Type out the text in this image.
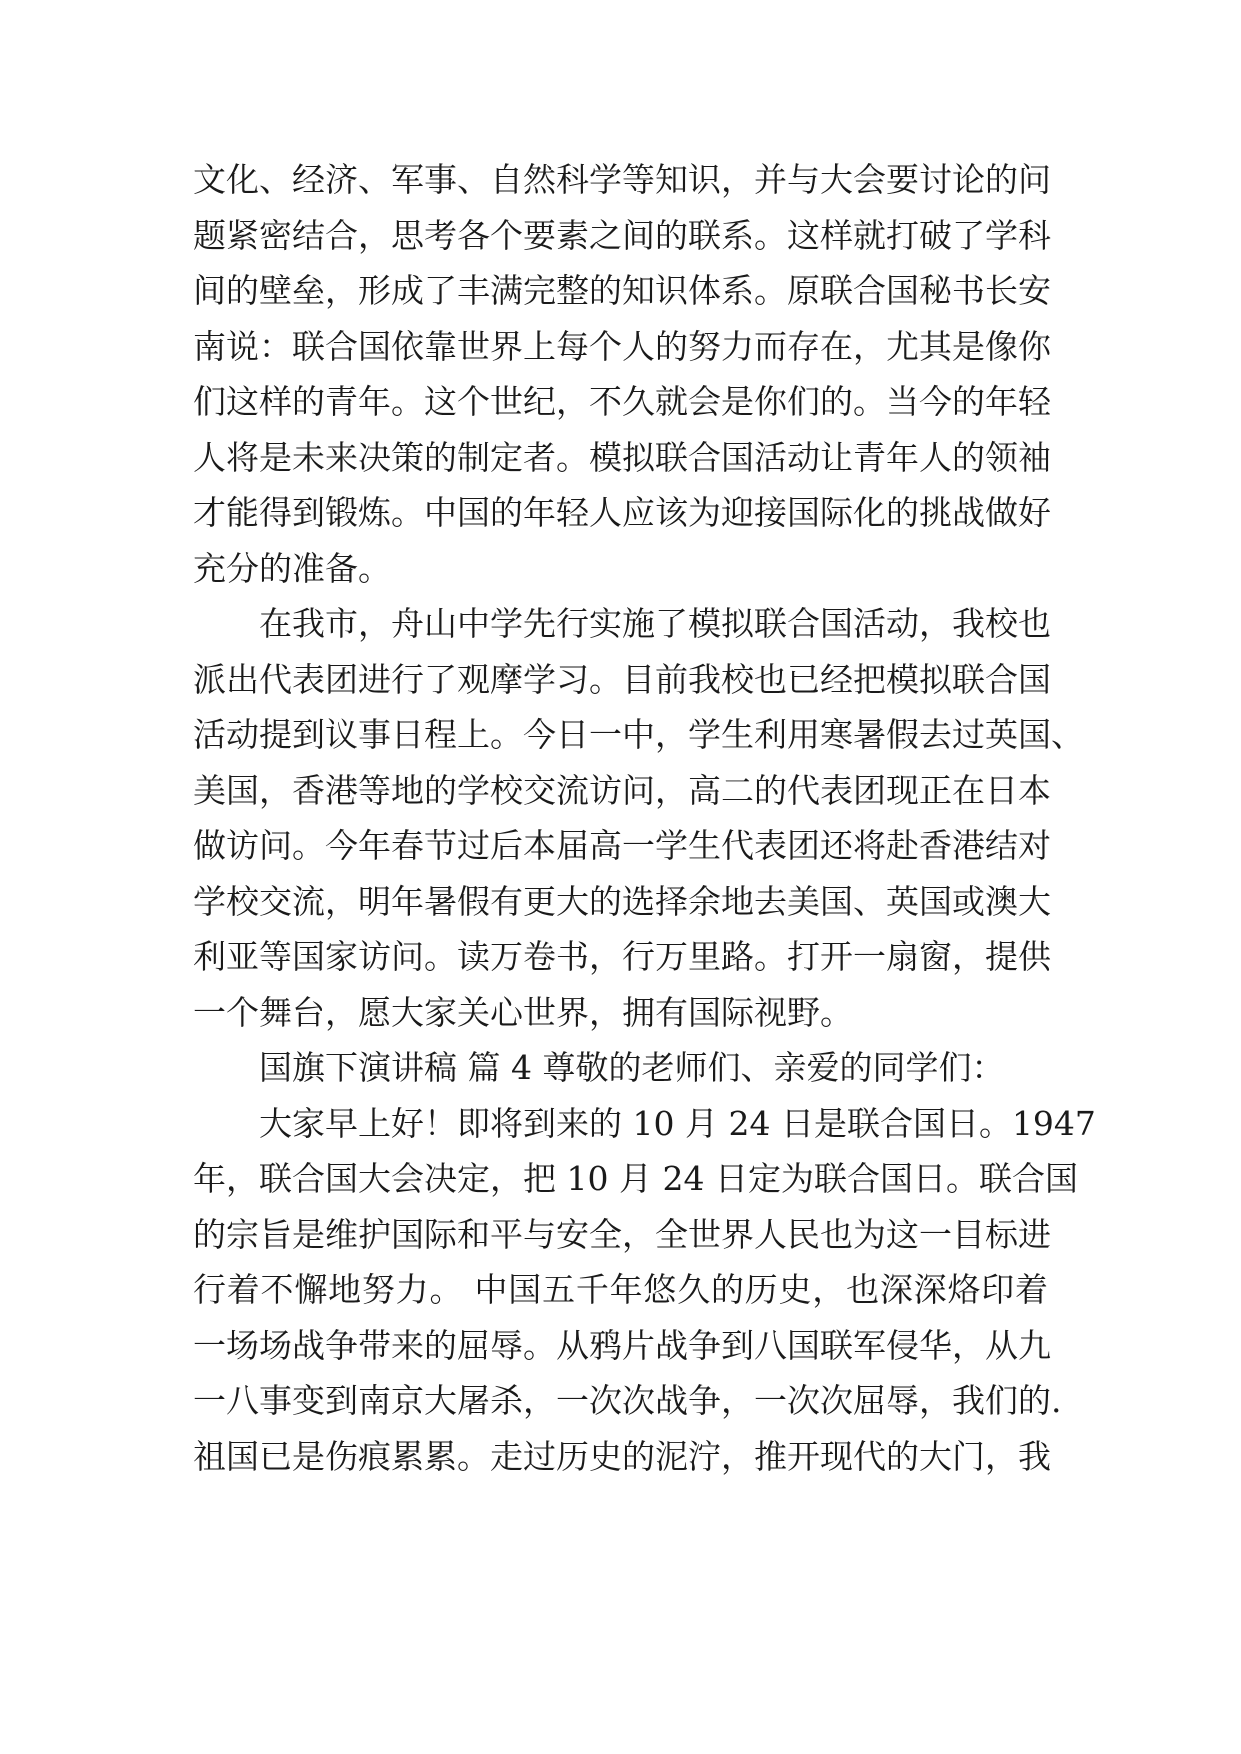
文化、经济、军事、自然科学等知识，并与大会要讨论的问
题紧密结合，思考各个要素之间的联系。这样就打破了学科
间的壁垒，形成了丰满完整的知识体系。原联合国秘书长安
南说：联合国依靠世界上每个人的努力而存在，尤其是像你
们这样的青年。这个世纪，不久就会是你们的。当今的年轻
人将是未来决策的制定者。模拟联合国活动让青年人的领袖
才能得到锻炼。中国的年轻人应该为迎接国际化的挑战做好
充分的准备。
在我市，舟山中学先行实施了模拟联合国活动，我校也
派出代表团进行了观摩学习。目前我校也已经把模拟联合国
活动提到议事日程上。今日一中，学生利用寒暑假去过英国、
美国，香港等地的学校交流访问，高二的代表团现正在日本
做访问。今年春节过后本届高一学生代表团还将赴香港结对
学校交流，明年暑假有更大的选择余地去美国、英国或澳大
利亚等国家访问。读万卷书，行万里路。打开一扇窗，提供
一个舞台，愿大家关心世界，拥有国际视野。
国旗下演讲稿 篇 4 尊敬的老师们、亲爱的同学们：
大家早上好！即将到来的 10 月 24 日是联合国日。1947
年，联合国大会决定，把 10 月 24 日定为联合国日。联合国
的宗旨是维护国际和平与安全，全世界人民也为这一目标进
行着不懈地努力。 中国五千年悠久的历史，也深深烙印着
一场场战争带来的屈辱。从鸦片战争到八国联军侵华，从九
一八事变到南京大屠杀，一次次战争，一次次屈辱，我们的.
祖国已是伤痕累累。走过历史的泥泞，推开现代的大门，我
